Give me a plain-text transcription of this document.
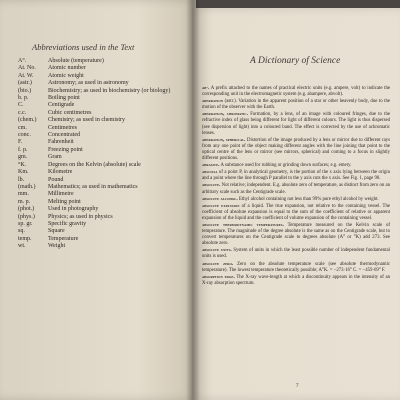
Abbreviations used in the Text
A°.	Absolute (temperature)
At. No.	Atomic number
At. W.	Atomic weight
(astr.)	Astronomy; as used in astronomy
(bio.)	Biochemistry; as used in biochemistry (or biology)
b. p.	Boiling point
C.	Centigrade
c.c.	Cubic centimetres
(chem.)	Chemistry; as used in chemistry
cm.	Centimetres
conc.	Concentrated
F.	Fahrenheit
f. p.	Freezing point
gm.	Gram
°K.	Degrees on the Kelvin (absolute) scale
Km.	Kilometre
lb.	Pound
(math.)	Mathematics; as used in mathematics
mm.	Millimetre
m. p.	Melting point
(phot.)	Used in photography
(phys.)	Physics; as used in physics
sp. gr.	Specific gravity
sq.	Square
temp.	Temperature
wt.	Weight
A Dictionary of Science
ab-. A prefix attached to the names of practical electric units (e.g. ampere, volt) to indicate the corresponding unit in the electromagnetic system (e.g. abampere, abvolt).
aberration (astr.). Variation in the apparent position of a star or other heavenly body, due to the motion of the observer with the Earth.
aberration, chromatic. Formation, by a lens, of an image with coloured fringes, due to the refractive index of glass being different for light of different colours. The light is thus dispersed (see dispersion of light) into a coloured band. The effect is corrected by the use of achromatic lenses.
aberration, spherical. Distortion of the image produced by a lens or mirror due to different rays from any one point of the object making different angles with the line joining that point to the optical centre of the lens or mirror (see mirrors, spherical) and coming to a focus in slightly different positions.
abrasive. A substance used for rubbing or grinding down surfaces; e.g. emery.
abscissa of a point P, in analytical geometry, is the portion of the x axis lying between the origin and a point where the line through P parallel to the y axis cuts the x axis. See Fig. 1, page 90.
absolute. Not relative; independent. E.g. absolute zero of temperature, as distinct from zero on an arbitrary scale such as the Centigrade scale.
absolute alcohol. Ethyl alcohol containing not less than 99% pure ethyl alcohol by weight.
absolute expansion of a liquid. The true expansion, not relative to the containing vessel. The coefficient of absolute expansion is equal to the sum of the coefficient of relative or apparent expansion of the liquid and the coefficient of volume expansion of the containing vessel.
absolute thermodynamic temperatures. Temperature measured on the Kelvin scale of temperature. The magnitude of the degree absolute is the same as on the Centigrade scale, but to convert temperatures on the Centigrade scale to degrees absolute (A° or °K) add 273. See absolute zero.
absolute units. System of units in which the least possible number of independent fundamental units is used.
absolute zero. Zero on the absolute temperature scale (see absolute thermodynamic temperature). The lowest temperature theoretically possible; A°K. = −273·16° C. = −459·69° F.
absorption edge. The X-ray wave-length at which a discontinuity appears in the intensity of an X-ray absorption spectrum.
7
